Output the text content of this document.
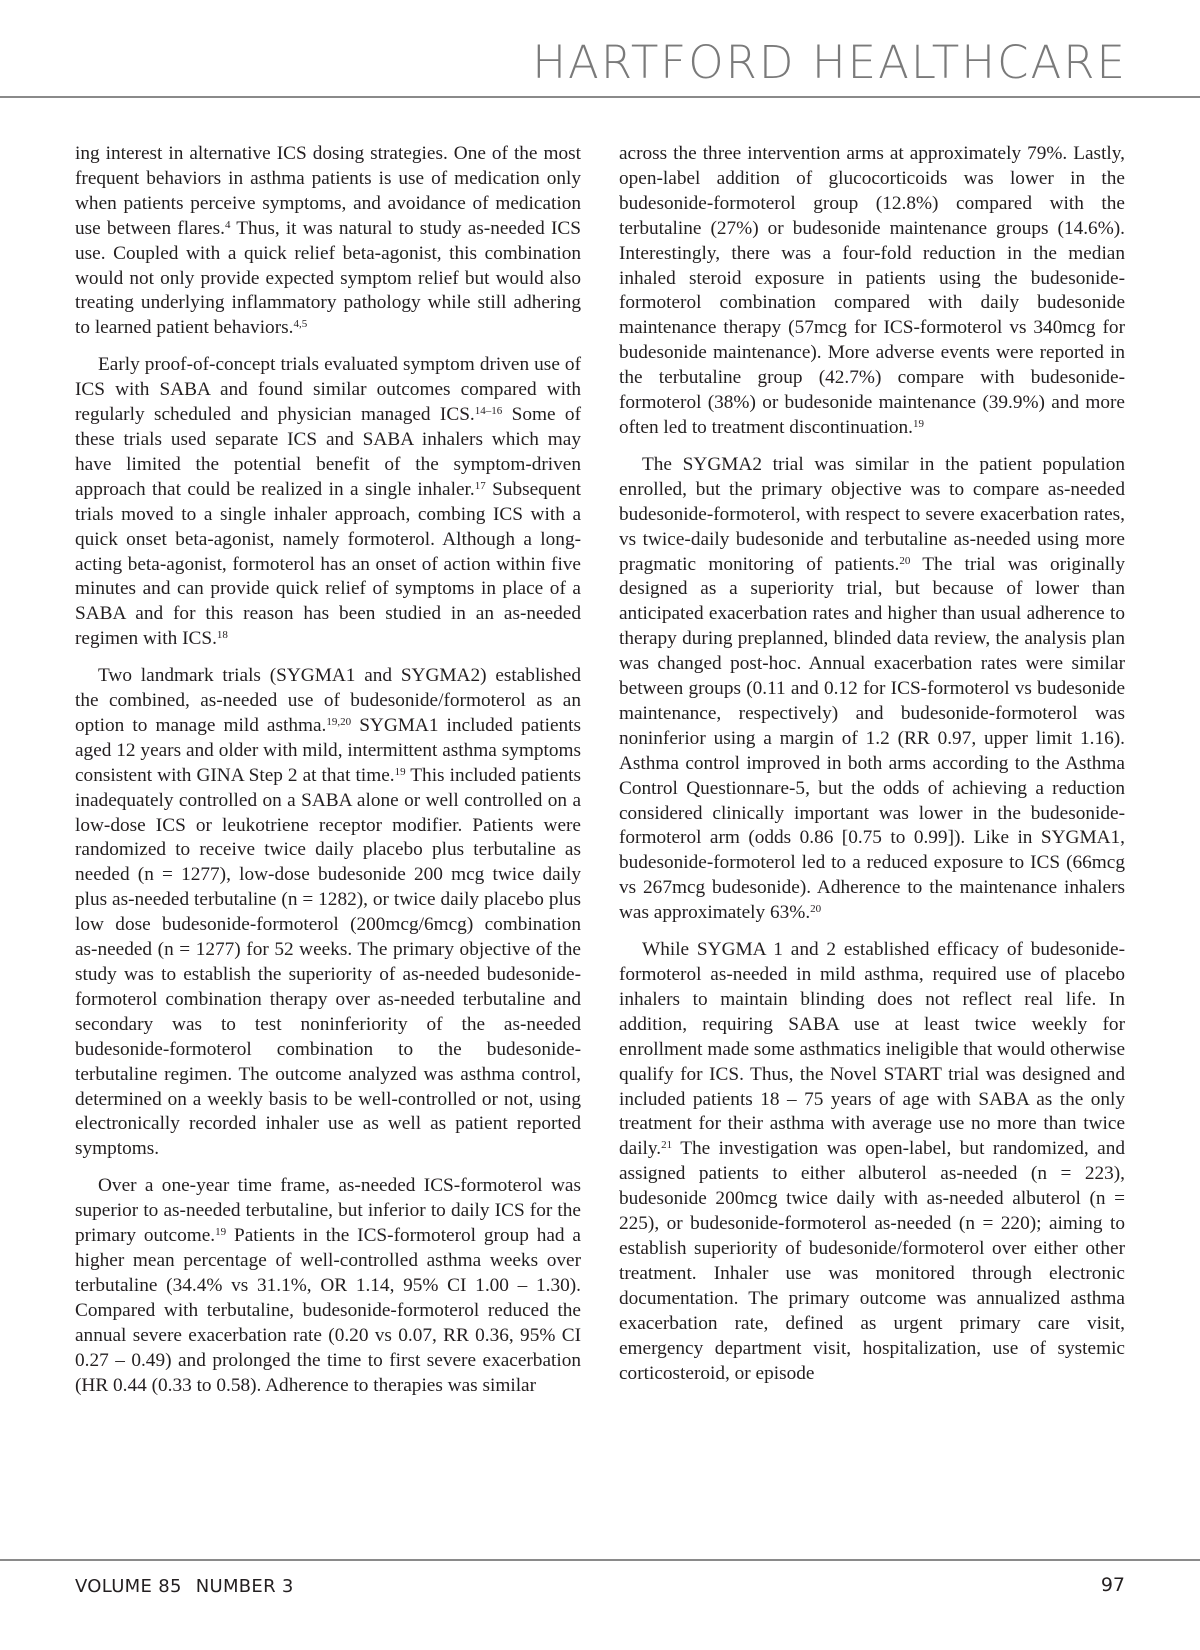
HARTFORD HEALTHCARE

ing interest in alternative ICS dosing strategies. One of the most frequent behaviors in asthma patients is use of medication only when patients perceive symptoms, and avoidance of medication use between flares.$^4$ Thus, it was natural to study as-needed ICS use. Coupled with a quick relief beta-agonist, this combination would not only provide expected symptom relief but would also treating underlying inflammatory pathology while still adhering to learned patient behaviors.$^{4,5}$

Early proof-of-concept trials evaluated symptom driven use of ICS with SABA and found similar outcomes compared with regularly scheduled and physician managed ICS.$^{14-16}$ Some of these trials used separate ICS and SABA inhalers which may have limited the potential benefit of the symptom-driven approach that could be realized in a single inhaler.$^{17}$ Subsequent trials moved to a single inhaler approach, combing ICS with a quick onset beta-agonist, namely formoterol. Although a long-acting beta-agonist, formoterol has an onset of action within five minutes and can provide quick relief of symptoms in place of a SABA and for this reason has been studied in an as-needed regimen with ICS.$^{18}$

Two landmark trials (SYGMA1 and SYGMA2) established the combined, as-needed use of budesonide/formoterol as an option to manage mild asthma.$^{19,20}$ SYGMA1 included patients aged 12 years and older with mild, intermittent asthma symptoms consistent with GINA Step 2 at that time.$^{19}$ This included patients inadequately controlled on a SABA alone or well controlled on a low-dose ICS or leukotriene receptor modifier. Patients were randomized to receive twice daily placebo plus terbutaline as needed (n = 1277), low-dose budesonide 200 mcg twice daily plus as-needed terbutaline (n = 1282), or twice daily placebo plus low dose budesonide-formoterol (200mcg/6mcg) combination as-needed (n = 1277) for 52 weeks. The primary objective of the study was to establish the superiority of as-needed budesonide-formoterol combination therapy over as-needed terbutaline and secondary was to test noninferiority of the as-needed budesonide-formoterol combination to the budesonide-terbutaline regimen. The outcome analyzed was asthma control, determined on a weekly basis to be well-controlled or not, using electronically recorded inhaler use as well as patient reported symptoms.

Over a one-year time frame, as-needed ICS-formoterol was superior to as-needed terbutaline, but inferior to daily ICS for the primary outcome.$^{19}$ Patients in the ICS-formoterol group had a higher mean percentage of well-controlled asthma weeks over terbutaline (34.4% vs 31.1%, OR 1.14, 95% CI 1.00 – 1.30). Compared with terbutaline, budesonide-formoterol reduced the annual severe exacerbation rate (0.20 vs 0.07, RR 0.36, 95% CI 0.27 – 0.49) and prolonged the time to first severe exacerbation (HR 0.44 (0.33 to 0.58). Adherence to therapies was similar

across the three intervention arms at approximately 79%. Lastly, open-label addition of glucocorticoids was lower in the budesonide-formoterol group (12.8%) compared with the terbutaline (27%) or budesonide maintenance groups (14.6%). Interestingly, there was a four-fold reduction in the median inhaled steroid exposure in patients using the budesonide-formoterol combination compared with daily budesonide maintenance therapy (57mcg for ICS-formoterol vs 340mcg for budesonide maintenance). More adverse events were reported in the terbutaline group (42.7%) compare with budesonide-formoterol (38%) or budesonide maintenance (39.9%) and more often led to treatment discontinuation.$^{19}$

The SYGMA2 trial was similar in the patient population enrolled, but the primary objective was to compare as-needed budesonide-formoterol, with respect to severe exacerbation rates, vs twice-daily budesonide and terbutaline as-needed using more pragmatic monitoring of patients.$^{20}$ The trial was originally designed as a superiority trial, but because of lower than anticipated exacerbation rates and higher than usual adherence to therapy during preplanned, blinded data review, the analysis plan was changed post-hoc. Annual exacerbation rates were similar between groups (0.11 and 0.12 for ICS-formoterol vs budesonide maintenance, respectively) and budesonide-formoterol was noninferior using a margin of 1.2 (RR 0.97, upper limit 1.16). Asthma control improved in both arms according to the Asthma Control Questionnare-5, but the odds of achieving a reduction considered clinically important was lower in the budesonide-formoterol arm (odds 0.86 [0.75 to 0.99]). Like in SYGMA1, budesonide-formoterol led to a reduced exposure to ICS (66mcg vs 267mcg budesonide). Adherence to the maintenance inhalers was approximately 63%.$^{20}$

While SYGMA 1 and 2 established efficacy of budesonide-formoterol as-needed in mild asthma, required use of placebo inhalers to maintain blinding does not reflect real life. In addition, requiring SABA use at least twice weekly for enrollment made some asthmatics ineligible that would otherwise qualify for ICS. Thus, the Novel START trial was designed and included patients 18 – 75 years of age with SABA as the only treatment for their asthma with average use no more than twice daily.$^{21}$ The investigation was open-label, but randomized, and assigned patients to either albuterol as-needed (n = 223), budesonide 200mcg twice daily with as-needed albuterol (n = 225), or budesonide-formoterol as-needed (n = 220); aiming to establish superiority of budesonide/formoterol over either other treatment. Inhaler use was monitored through electronic documentation. The primary outcome was annualized asthma exacerbation rate, defined as urgent primary care visit, emergency department visit, hospitalization, use of systemic corticosteroid, or episode

VOLUME 85 NUMBER 3	97
